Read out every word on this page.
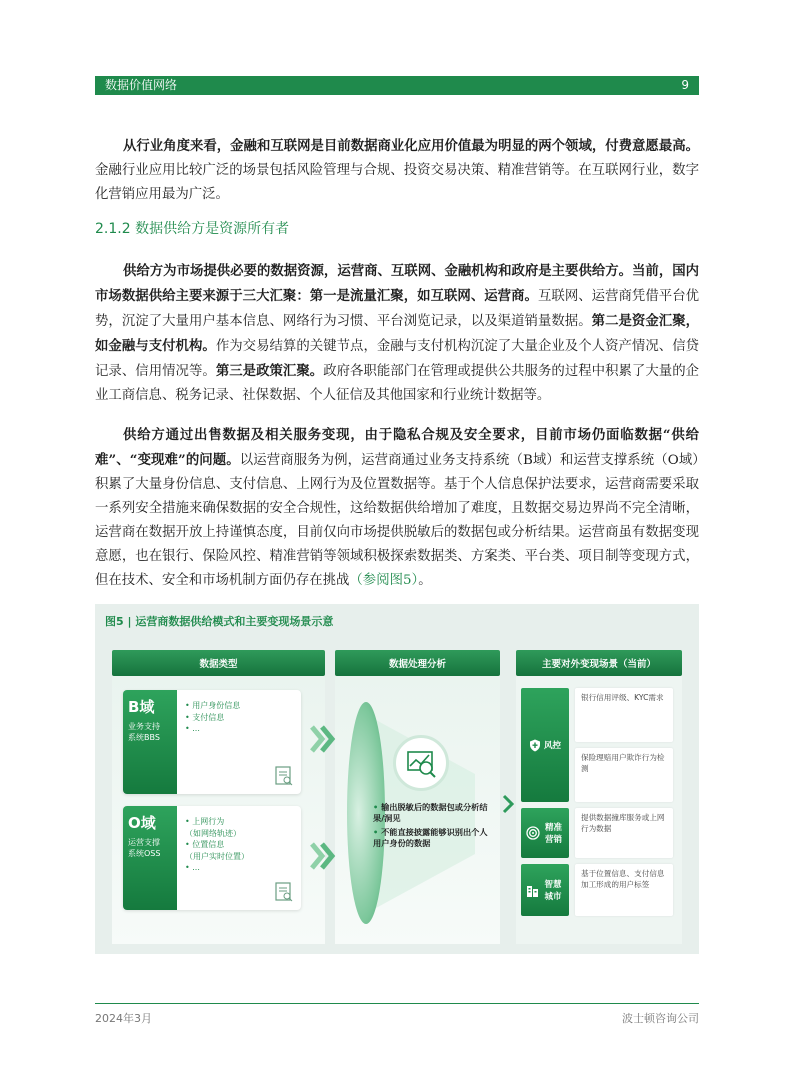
数据价值网络	9
从行业角度来看，金融和互联网是目前数据商业化应用价值最为明显的两个领域，付费意愿最高。金融行业应用比较广泛的场景包括风险管理与合规、投资交易决策、精准营销等。在互联网行业，数字化营销应用最为广泛。
2.1.2 数据供给方是资源所有者
供给方为市场提供必要的数据资源，运营商、互联网、金融机构和政府是主要供给方。当前，国内市场数据供给主要来源于三大汇聚：第一是流量汇聚，如互联网、运营商。互联网、运营商凭借平台优势，沉淀了大量用户基本信息、网络行为习惯、平台浏览记录，以及渠道销量数据。第二是资金汇聚，如金融与支付机构。作为交易结算的关键节点，金融与支付机构沉淀了大量企业及个人资产情况、信贷记录、信用情况等。第三是政策汇聚。政府各职能部门在管理或提供公共服务的过程中积累了大量的企业工商信息、税务记录、社保数据、个人征信及其他国家和行业统计数据等。
供给方通过出售数据及相关服务变现，由于隐私合规及安全要求，目前市场仍面临数据“供给难”、“变现难”的问题。以运营商服务为例，运营商通过业务支持系统（B域）和运营支撑系统（O域）积累了大量身份信息、支付信息、上网行为及位置数据等。基于个人信息保护法要求，运营商需要采取一系列安全措施来确保数据的安全合规性，这给数据供给增加了难度，且数据交易边界尚不完全清晰，运营商在数据开放上持谨慎态度，目前仅向市场提供脱敏后的数据包或分析结果。运营商虽有数据变现意愿，也在银行、保险风控、精准营销等领域积极探索数据类、方案类、平台类、项目制等变现方式，但在技术、安全和市场机制方面仍存在挑战（参阅图5）。
图5 | 运营商数据供给模式和主要变现场景示意
数据类型	数据处理分析	主要对外变现场景（当前）
B域
业务支持
系统BBS
• 用户身份信息
• 支付信息
• ...
O域
运营支撑
系统OSS
• 上网行为
（如网络轨迹）
• 位置信息
（用户实时位置）
• ...
• 输出脱敏后的数据包或分析结果/洞见
• 不能直接披露能够识别出个人用户身份的数据
风控
银行信用评级、KYC需求
保险理赔用户欺诈行为检测
精准营销
提供数据撞库服务或上网行为数据
智慧城市
基于位置信息、支付信息加工形成的用户标签
2024年3月	波士顿咨询公司
